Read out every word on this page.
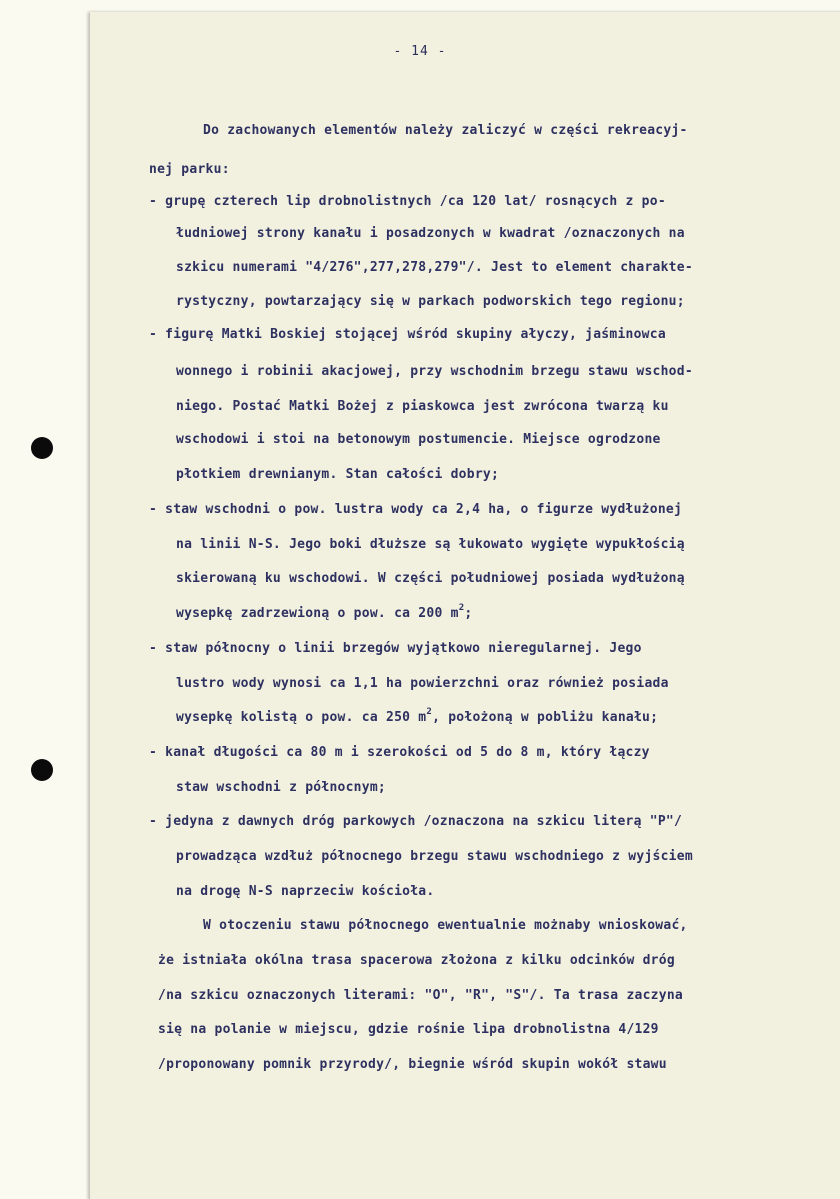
- 14 -
Do zachowanych elementów należy zaliczyć w części rekreacyj-
nej parku:
- grupę czterech lip drobnolistnych /ca 120 lat/ rosnących z po-
łudniowej strony kanału i posadzonych w kwadrat /oznaczonych na
szkicu numerami "4/276",277,278,279"/. Jest to element charakte-
rystyczny, powtarzający się w parkach podworskich tego regionu;
- figurę Matki Boskiej stojącej wśród skupiny ałyczy, jaśminowca
wonnego i robinii akacjowej, przy wschodnim brzegu stawu wschod-
niego. Postać Matki Bożej z piaskowca jest zwrócona twarzą ku
wschodowi i stoi na betonowym postumencie. Miejsce ogrodzone
płotkiem drewnianym. Stan całości dobry;
- staw wschodni o pow. lustra wody ca 2,4 ha, o figurze wydłużonej
na linii N-S. Jego boki dłuższe są łukowato wygięte wypukłością
skierowaną ku wschodowi. W części południowej posiada wydłużoną
wysepkę zadrzewioną o pow. ca 200 $m^2$;
- staw północny o linii brzegów wyjątkowo nieregularnej. Jego
lustro wody wynosi ca 1,1 ha powierzchni oraz również posiada
wysepkę kolistą o pow. ca 250 $m^2$, położoną w pobliżu kanału;
- kanał długości ca 80 m i szerokości od 5 do 8 m, który łączy
staw wschodni z północnym;
- jedyna z dawnych dróg parkowych /oznaczona na szkicu literą "P"/
prowadząca wzdłuż północnego brzegu stawu wschodniego z wyjściem
na drogę N-S naprzeciw kościoła.
W otoczeniu stawu północnego ewentualnie możnaby wnioskować,
że istniała okólna trasa spacerowa złożona z kilku odcinków dróg
/na szkicu oznaczonych literami: "O", "R", "S"/. Ta trasa zaczyna
się na polanie w miejscu, gdzie rośnie lipa drobnolistna 4/129
/proponowany pomnik przyrody/, biegnie wśród skupin wokół stawu
